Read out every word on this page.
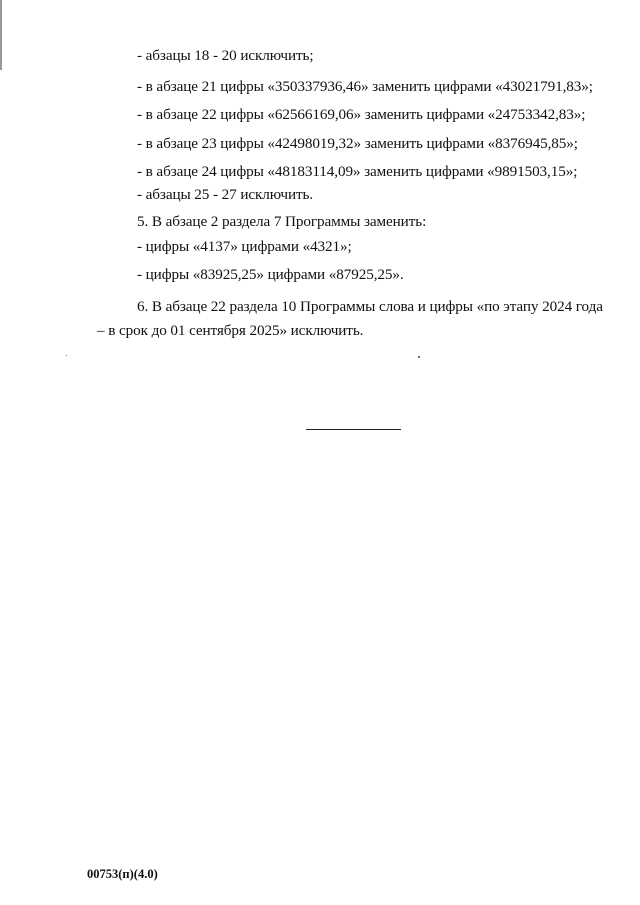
- абзацы 18 - 20 исключить;
- в абзаце 21 цифры «350337936,46» заменить цифрами «43021791,83»;
- в абзаце 22 цифры «62566169,06» заменить цифрами «24753342,83»;
- в абзаце 23 цифры «42498019,32» заменить цифрами «8376945,85»;
- в абзаце 24 цифры «48183114,09» заменить цифрами «9891503,15»;
- абзацы 25 - 27 исключить.
5. В абзаце 2 раздела 7 Программы заменить:
- цифры «4137» цифрами «4321»;
- цифры «83925,25» цифрами «87925,25».
6. В абзаце 22 раздела 10 Программы слова и цифры «по этапу 2024 года
– в срок до 01 сентября 2025» исключить.
00753(п)(4.0)
